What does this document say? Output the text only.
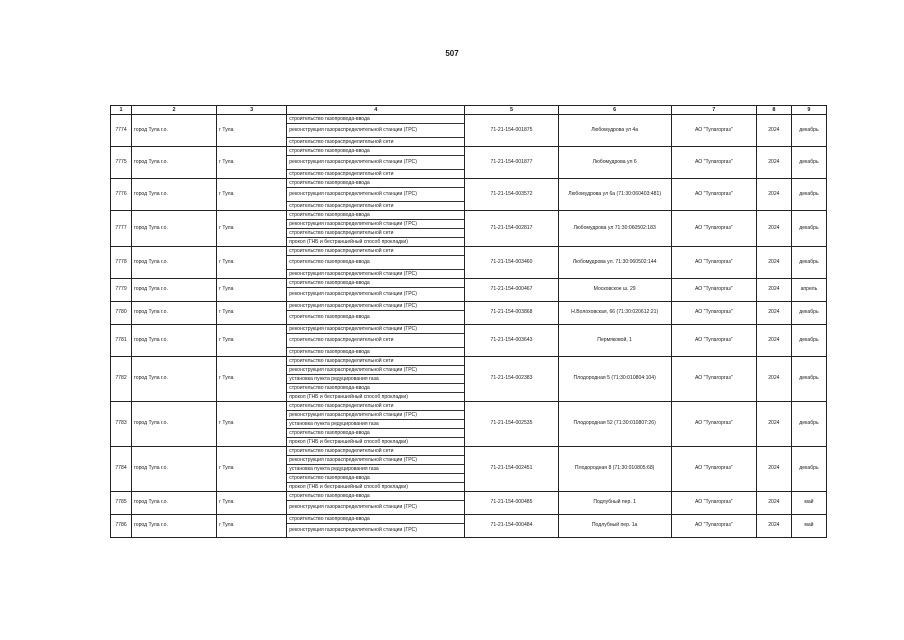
507
1	2	3	4	5	6	7	8	9
7774	город Тула г.о.	г Тула	строительство газопровода-ввода
реконструкция газораспределительной станции (ГРС)
строительство газораспределительной сети	71-21-154-001875	Любомудрова ул 4а	АО "Тулагоргаз"	2024	декабрь
7775	город Тула г.о.	г Тула	строительство газопровода-ввода
реконструкция газораспределительной станции (ГРС)
строительство газораспределительной сети	71-21-154-001877	Любомудрова ул 6	АО "Тулагоргаз"	2024	декабрь
7776	город Тула г.о.	г Тула	строительство газопровода-ввода
реконструкция газораспределительной станции (ГРС)
строительство газораспределительной сети	71-21-154-003572	Любомудрова ул 6а (71:30:060403:481)	АО "Тулагоргаз"	2024	декабрь
7777	город Тула г.о.	г Тула	строительство газопровода-ввода
реконструкция газораспределительной станции (ГРС)
строительство газораспределительной сети
прокол (ГНБ и бестраншейный способ прокладки)	71-21-154-002817	Любомудрова ул 71:30:060502:183	АО "Тулагоргаз"	2024	декабрь
7778	город Тула г.о.	г Тула	строительство газораспределительной сети
строительство газопровода-ввода
реконструкция газораспределительной станции (ГРС)	71-21-154-003460	Любомудрова ул. 71:30:060502:144	АО "Тулагоргаз"	2024	декабрь
7779	город Тула г.о.	г Тула	строительство газопровода-ввода
реконструкция газораспределительной станции (ГРС)	71-21-154-000467	Московское ш. 29	АО "Тулагоргаз"	2024	апрель
7780	город Тула г.о.	г Тула	реконструкция газораспределительной станции (ГРС)
строительство газопровода-ввода	71-21-154-003868	Н.Волоховская, 66 (71:30:020612:21)	АО "Тулагоргаз"	2024	декабрь
7781	город Тула г.о.	г Тула	реконструкция газораспределительной станции (ГРС)
строительство газораспределительной сети
строительство газопровода-ввода	71-21-154-003643	Пермяковой, 1	АО "Тулагоргаз"	2024	декабрь
7782	город Тула г.о.	г Тула	строительство газораспределительной сети
реконструкция газораспределительной станции (ГРС)
установка пункта редуцирования газа
строительство газопровода-ввода
прокол (ГНБ и бестраншейный способ прокладки)	71-21-154-002383	Плодородная 5 (71:30:010804:104)	АО "Тулагоргаз"	2024	декабрь
7783	город Тула г.о.	г Тула	строительство газораспределительной сети
реконструкция газораспределительной станции (ГРС)
установка пункта редуцирования газа
строительство газопровода-ввода
прокол (ГНБ и бестраншейный способ прокладки)	71-21-154-002535	Плодородная 52 (71:30:010807:26)	АО "Тулагоргаз"	2024	декабрь
7784	город Тула г.о.	г Тула	строительство газораспределительной сети
реконструкция газораспределительной станции (ГРС)
установка пункта редуцирования газа
строительство газопровода-ввода
прокол (ГНБ и бестраншейный способ прокладки)	71-21-154-002451	Плодородная 8 (71:30:010805:68)	АО "Тулагоргаз"	2024	декабрь
7785	город Тула г.о.	г Тула	строительство газопровода-ввода
реконструкция газораспределительной станции (ГРС)	71-21-154-000485	Подлубный пер. 1	АО "Тулагоргаз"	2024	май
7786	город Тула г.о.	г Тула	строительство газопровода-ввода
реконструкция газораспределительной станции (ГРС)	71-21-154-000484	Подлубный пер. 1а	АО "Тулагоргаз"	2024	май
